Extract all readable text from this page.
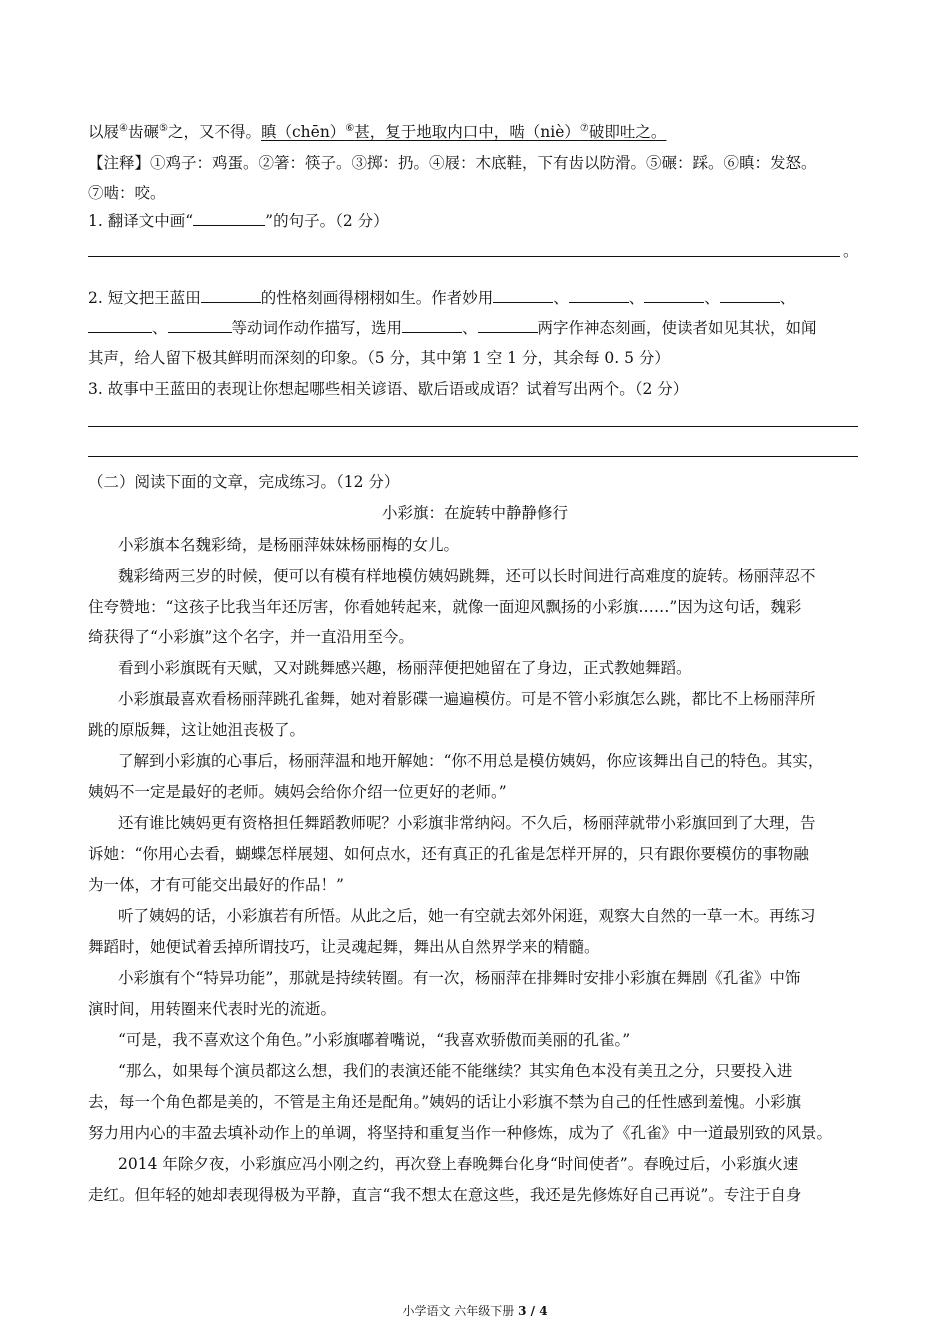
以屐④齿碾⑤之，又不得。瞋（chēn）⑥甚，复于地取内口中，啮（niè）⑦破即吐之。
【注释】①鸡子：鸡蛋。②箸：筷子。③掷：扔。④屐：木底鞋，下有齿以防滑。⑤碾：踩。⑥瞋：发怒。
⑦啮：咬。
1. 翻译文中画“	”的句子。（2 分）
。
2. 短文把王蓝田	的性格刻画得栩栩如生。作者妙用	、	、	、	、
、	等动词作动作描写，选用	、	两字作神态刻画，使读者如见其状，如闻
其声，给人留下极其鲜明而深刻的印象。（5 分，其中第 1 空 1 分，其余每 0. 5 分）
3. 故事中王蓝田的表现让你想起哪些相关谚语、歇后语或成语？试着写出两个。（2 分）
（二）阅读下面的文章，完成练习。（12 分）
小彩旗：在旋转中静静修行
小彩旗本名魏彩绮，是杨丽萍妹妹杨丽梅的女儿。
魏彩绮两三岁的时候，便可以有模有样地模仿姨妈跳舞，还可以长时间进行高难度的旋转。杨丽萍忍不
住夸赞地：“这孩子比我当年还厉害，你看她转起来，就像一面迎风飘扬的小彩旗……”因为这句话，魏彩
绮获得了“小彩旗”这个名字，并一直沿用至今。
看到小彩旗既有天赋，又对跳舞感兴趣，杨丽萍便把她留在了身边，正式教她舞蹈。
小彩旗最喜欢看杨丽萍跳孔雀舞，她对着影碟一遍遍模仿。可是不管小彩旗怎么跳，都比不上杨丽萍所
跳的原版舞，这让她沮丧极了。
了解到小彩旗的心事后，杨丽萍温和地开解她：“你不用总是模仿姨妈，你应该舞出自己的特色。其实，
姨妈不一定是最好的老师。姨妈会给你介绍一位更好的老师。”
还有谁比姨妈更有资格担任舞蹈教师呢？小彩旗非常纳闷。不久后，杨丽萍就带小彩旗回到了大理，告
诉她：“你用心去看，蝴蝶怎样展翅、如何点水，还有真正的孔雀是怎样开屏的，只有跟你要模仿的事物融
为一体，才有可能交出最好的作品！”
听了姨妈的话，小彩旗若有所悟。从此之后，她一有空就去郊外闲逛，观察大自然的一草一木。再练习
舞蹈时，她便试着丢掉所谓技巧，让灵魂起舞，舞出从自然界学来的精髓。
小彩旗有个“特异功能”，那就是持续转圈。有一次，杨丽萍在排舞时安排小彩旗在舞剧《孔雀》中饰
演时间，用转圈来代表时光的流逝。
“可是，我不喜欢这个角色。”小彩旗嘟着嘴说，“我喜欢骄傲而美丽的孔雀。”
“那么，如果每个演员都这么想，我们的表演还能不能继续？其实角色本没有美丑之分，只要投入进
去，每一个角色都是美的，不管是主角还是配角。”姨妈的话让小彩旗不禁为自己的任性感到羞愧。小彩旗
努力用内心的丰盈去填补动作上的单调，将坚持和重复当作一种修炼，成为了《孔雀》中一道最别致的风景。
2014 年除夕夜，小彩旗应冯小刚之约，再次登上春晚舞台化身“时间使者”。春晚过后，小彩旗火速
走红。但年轻的她却表现得极为平静，直言“我不想太在意这些，我还是先修炼好自己再说”。专注于自身
小学语文 六年级下册 3 / 4
